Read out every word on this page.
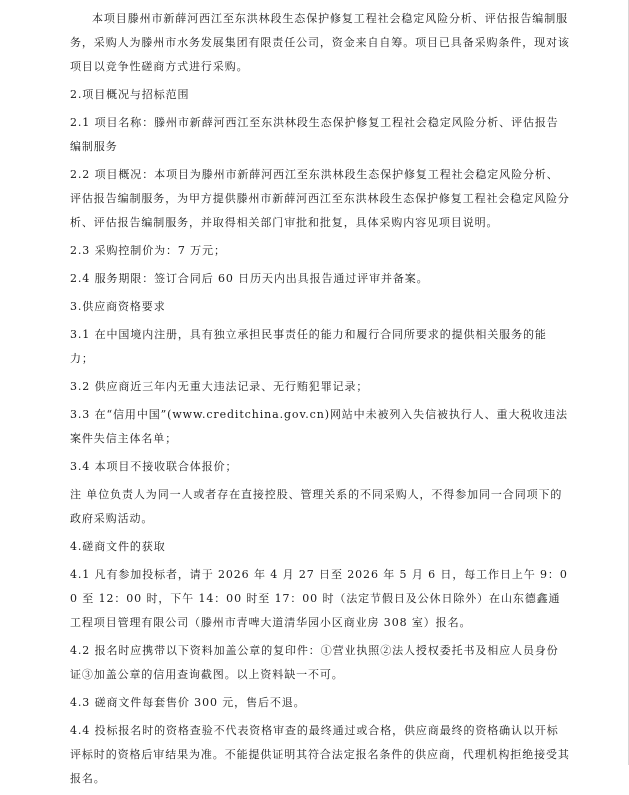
本项目滕州市新薛河西江至东洪林段生态保护修复工程社会稳定风险分析、评估报告编制服务，采购人为滕州市水务发展集团有限责任公司，资金来自自筹。项目已具备采购条件，现对该项目以竞争性磋商方式进行采购。

2.项目概况与招标范围

2.1 项目名称：滕州市新薛河西江至东洪林段生态保护修复工程社会稳定风险分析、评估报告编制服务

2.2 项目概况：本项目为滕州市新薛河西江至东洪林段生态保护修复工程社会稳定风险分析、评估报告编制服务，为甲方提供滕州市新薛河西江至东洪林段生态保护修复工程社会稳定风险分析、评估报告编制服务，并取得相关部门审批和批复，具体采购内容见项目说明。

2.3 采购控制价为：7 万元；

2.4 服务期限：签订合同后 60 日历天内出具报告通过评审并备案。

3.供应商资格要求

3.1 在中国境内注册，具有独立承担民事责任的能力和履行合同所要求的提供相关服务的能力；

3.2 供应商近三年内无重大违法记录、无行贿犯罪记录；

3.3 在“信用中国”(www.creditchina.gov.cn)网站中未被列入失信被执行人、重大税收违法案件失信主体名单；

3.4 本项目不接收联合体报价；

注 单位负责人为同一人或者存在直接控股、管理关系的不同采购人，不得参加同一合同项下的政府采购活动。

4.磋商文件的获取

4.1 凡有参加投标者，请于 2026 年 4 月 27 日至 2026 年 5 月 6 日，每工作日上午 9：00 至 12：00 时，下午 14：00 时至 17：00 时（法定节假日及公休日除外）在山东德鑫通工程项目管理有限公司（滕州市青啤大道清华园小区商业房 308 室）报名。

4.2 报名时应携带以下资料加盖公章的复印件：①营业执照②法人授权委托书及相应人员身份证③加盖公章的信用查询截图。以上资料缺一不可。

4.3 磋商文件每套售价 300 元，售后不退。

4.4 投标报名时的资格查验不代表资格审查的最终通过或合格，供应商最终的资格确认以开标评标时的资格后审结果为准。不能提供证明其符合法定报名条件的供应商，代理机构拒绝接受其报名。
